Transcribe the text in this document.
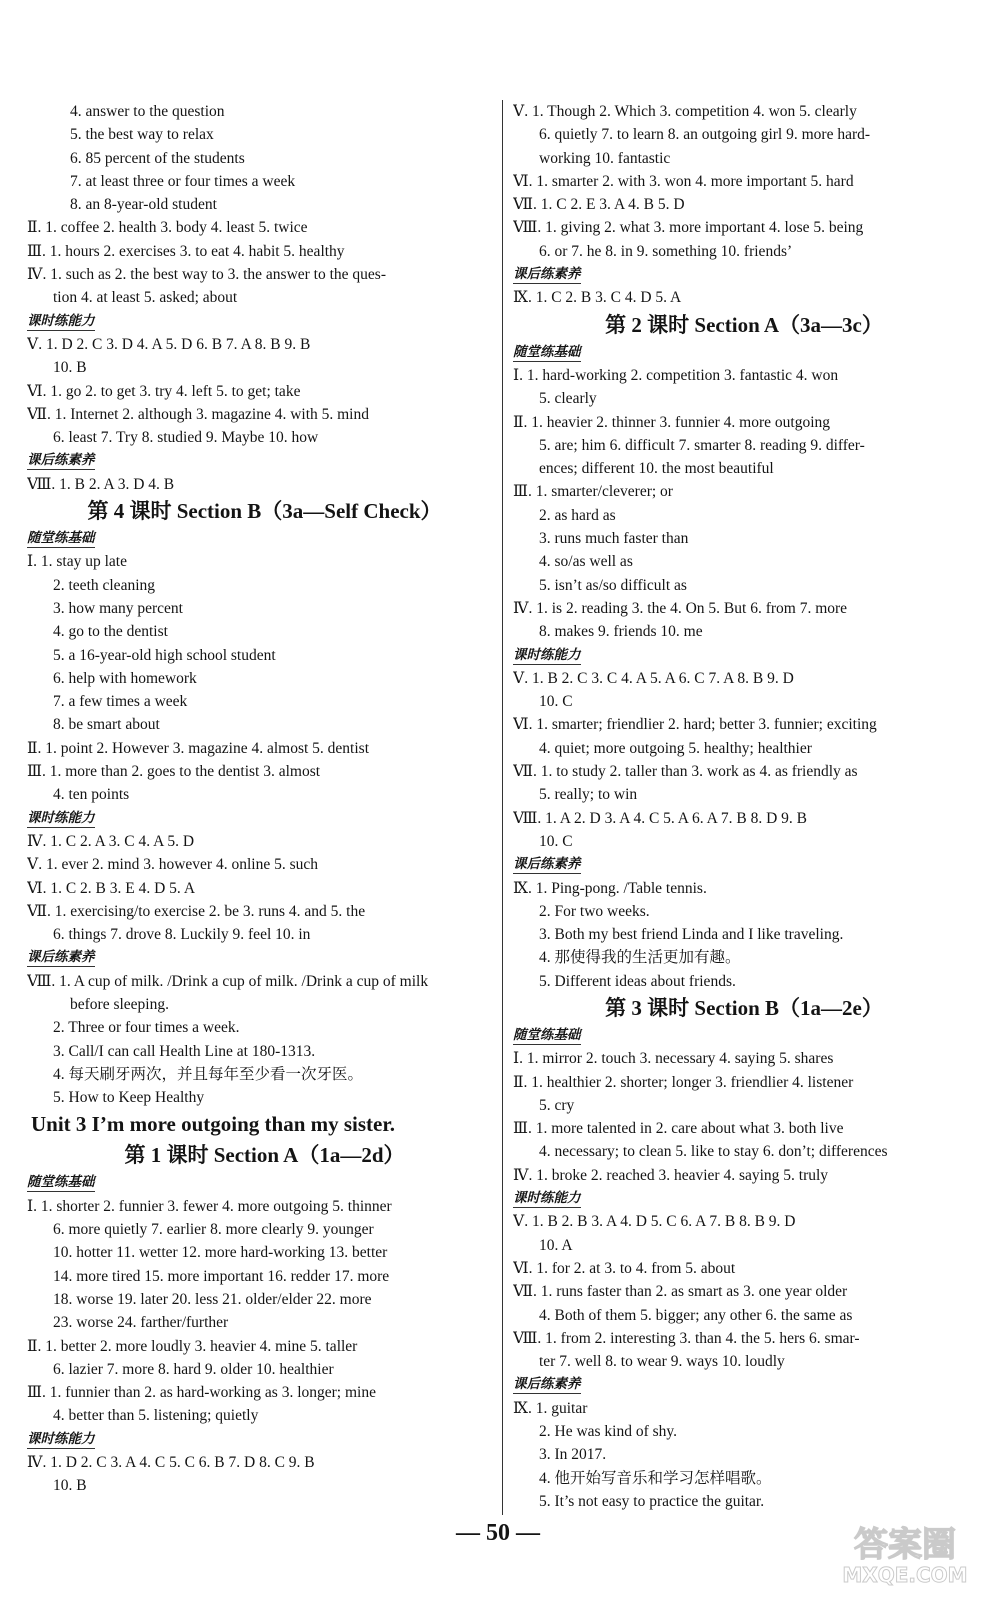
4. answer to the question
5. the best way to relax
6. 85 percent of the students
7. at least three or four times a week
8. an 8-year-old student
Ⅱ. 1. coffee 2. health 3. body 4. least 5. twice
Ⅲ. 1. hours 2. exercises 3. to eat 4. habit 5. healthy
Ⅳ. 1. such as 2. the best way to 3. the answer to the ques-
tion 4. at least 5. asked; about
课时练能力
Ⅴ. 1. D 2. C 3. D 4. A 5. D 6. B 7. A 8. B 9. B
10. B
Ⅵ. 1. go 2. to get 3. try 4. left 5. to get; take
Ⅶ. 1. Internet 2. although 3. magazine 4. with 5. mind
6. least 7. Try 8. studied 9. Maybe 10. how
课后练素养
Ⅷ. 1. B 2. A 3. D 4. B
第 4 课时 Section B（3a—Self Check）
随堂练基础
Ⅰ. 1. stay up late
2. teeth cleaning
3. how many percent
4. go to the dentist
5. a 16-year-old high school student
6. help with homework
7. a few times a week
8. be smart about
Ⅱ. 1. point 2. However 3. magazine 4. almost 5. dentist
Ⅲ. 1. more than 2. goes to the dentist 3. almost
4. ten points
课时练能力
Ⅳ. 1. C 2. A 3. C 4. A 5. D
Ⅴ. 1. ever 2. mind 3. however 4. online 5. such
Ⅵ. 1. C 2. B 3. E 4. D 5. A
Ⅶ. 1. exercising/to exercise 2. be 3. runs 4. and 5. the
6. things 7. drove 8. Luckily 9. feel 10. in
课后练素养
Ⅷ. 1. A cup of milk. /Drink a cup of milk. /Drink a cup of milk
before sleeping.
2. Three or four times a week.
3. Call/I can call Health Line at 180-1313.
4. 每天刷牙两次，并且每年至少看一次牙医。
5. How to Keep Healthy
Unit 3 I’m more outgoing than my sister.
第 1 课时 Section A（1a—2d）
随堂练基础
Ⅰ. 1. shorter 2. funnier 3. fewer 4. more outgoing 5. thinner
6. more quietly 7. earlier 8. more clearly 9. younger
10. hotter 11. wetter 12. more hard-working 13. better
14. more tired 15. more important 16. redder 17. more
18. worse 19. later 20. less 21. older/elder 22. more
23. worse 24. farther/further
Ⅱ. 1. better 2. more loudly 3. heavier 4. mine 5. taller
6. lazier 7. more 8. hard 9. older 10. healthier
Ⅲ. 1. funnier than 2. as hard-working as 3. longer; mine
4. better than 5. listening; quietly
课时练能力
Ⅳ. 1. D 2. C 3. A 4. C 5. C 6. B 7. D 8. C 9. B
10. B
Ⅴ. 1. Though 2. Which 3. competition 4. won 5. clearly
6. quietly 7. to learn 8. an outgoing girl 9. more hard-
working 10. fantastic
Ⅵ. 1. smarter 2. with 3. won 4. more important 5. hard
Ⅶ. 1. C 2. E 3. A 4. B 5. D
Ⅷ. 1. giving 2. what 3. more important 4. lose 5. being
6. or 7. he 8. in 9. something 10. friends’
课后练素养
Ⅸ. 1. C 2. B 3. C 4. D 5. A
第 2 课时 Section A（3a—3c）
随堂练基础
Ⅰ. 1. hard-working 2. competition 3. fantastic 4. won
5. clearly
Ⅱ. 1. heavier 2. thinner 3. funnier 4. more outgoing
5. are; him 6. difficult 7. smarter 8. reading 9. differ-
ences; different 10. the most beautiful
Ⅲ. 1. smarter/cleverer; or
2. as hard as
3. runs much faster than
4. so/as well as
5. isn’t as/so difficult as
Ⅳ. 1. is 2. reading 3. the 4. On 5. But 6. from 7. more
8. makes 9. friends 10. me
课时练能力
Ⅴ. 1. B 2. C 3. C 4. A 5. A 6. C 7. A 8. B 9. D
10. C
Ⅵ. 1. smarter; friendlier 2. hard; better 3. funnier; exciting
4. quiet; more outgoing 5. healthy; healthier
Ⅶ. 1. to study 2. taller than 3. work as 4. as friendly as
5. really; to win
Ⅷ. 1. A 2. D 3. A 4. C 5. A 6. A 7. B 8. D 9. B
10. C
课后练素养
Ⅸ. 1. Ping-pong. /Table tennis.
2. For two weeks.
3. Both my best friend Linda and I like traveling.
4. 那使得我的生活更加有趣。
5. Different ideas about friends.
第 3 课时 Section B（1a—2e）
随堂练基础
Ⅰ. 1. mirror 2. touch 3. necessary 4. saying 5. shares
Ⅱ. 1. healthier 2. shorter; longer 3. friendlier 4. listener
5. cry
Ⅲ. 1. more talented in 2. care about what 3. both live
4. necessary; to clean 5. like to stay 6. don’t; differences
Ⅳ. 1. broke 2. reached 3. heavier 4. saying 5. truly
课时练能力
Ⅴ. 1. B 2. B 3. A 4. D 5. C 6. A 7. B 8. B 9. D
10. A
Ⅵ. 1. for 2. at 3. to 4. from 5. about
Ⅶ. 1. runs faster than 2. as smart as 3. one year older
4. Both of them 5. bigger; any other 6. the same as
Ⅷ. 1. from 2. interesting 3. than 4. the 5. hers 6. smar-
ter 7. well 8. to wear 9. ways 10. loudly
课后练素养
Ⅸ. 1. guitar
2. He was kind of shy.
3. In 2017.
4. 他开始写音乐和学习怎样唱歌。
5. It’s not easy to practice the guitar.
— 50 —	答案圈
MXQE.COM
